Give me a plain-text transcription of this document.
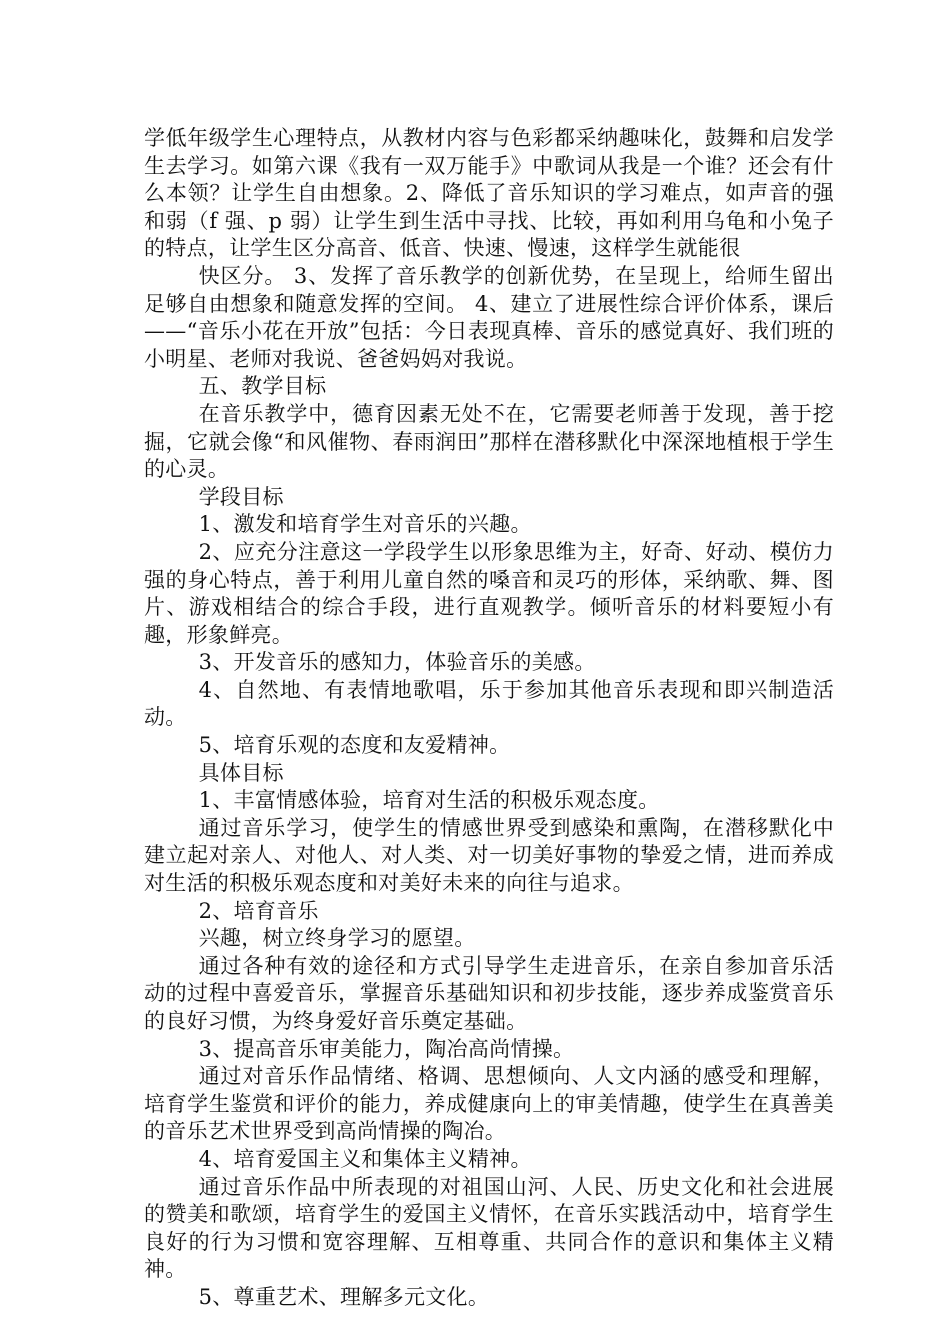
学低年级学生心理特点，从教材内容与色彩都采纳趣味化，鼓舞和启发学生去学习。如第六课《我有一双万能手》中歌词从我是一个谁？还会有什么本领？让学生自由想象。2、降低了音乐知识的学习难点，如声音的强和弱（f 强、p 弱）让学生到生活中寻找、比较，再如利用乌龟和小兔子的特点，让学生区分高音、低音、快速、慢速，这样学生就能很

快区分。 3、发挥了音乐教学的创新优势，在呈现上，给师生留出足够自由想象和随意发挥的空间。 4、建立了进展性综合评价体系，课后——“音乐小花在开放”包括：今日表现真棒、音乐的感觉真好、我们班的小明星、老师对我说、爸爸妈妈对我说。

五、教学目标

在音乐教学中，德育因素无处不在，它需要老师善于发现，善于挖掘，它就会像“和风催物、春雨润田”那样在潜移默化中深深地植根于学生的心灵。

学段目标

1、激发和培育学生对音乐的兴趣。

2、应充分注意这一学段学生以形象思维为主，好奇、好动、模仿力强的身心特点，善于利用儿童自然的嗓音和灵巧的形体，采纳歌、舞、图片、游戏相结合的综合手段，进行直观教学。倾听音乐的材料要短小有趣，形象鲜亮。

3、开发音乐的感知力，体验音乐的美感。

4、自然地、有表情地歌唱，乐于参加其他音乐表现和即兴制造活动。

5、培育乐观的态度和友爱精神。

具体目标

1、丰富情感体验，培育对生活的积极乐观态度。

通过音乐学习，使学生的情感世界受到感染和熏陶，在潜移默化中建立起对亲人、对他人、对人类、对一切美好事物的挚爱之情，进而养成对生活的积极乐观态度和对美好未来的向往与追求。

2、培育音乐

兴趣，树立终身学习的愿望。

通过各种有效的途径和方式引导学生走进音乐，在亲自参加音乐活动的过程中喜爱音乐，掌握音乐基础知识和初步技能，逐步养成鉴赏音乐的良好习惯，为终身爱好音乐奠定基础。

3、提高音乐审美能力，陶冶高尚情操。

通过对音乐作品情绪、格调、思想倾向、人文内涵的感受和理解，培育学生鉴赏和评价的能力，养成健康向上的审美情趣，使学生在真善美的音乐艺术世界受到高尚情操的陶冶。

4、培育爱国主义和集体主义精神。

通过音乐作品中所表现的对祖国山河、人民、历史文化和社会进展的赞美和歌颂，培育学生的爱国主义情怀，在音乐实践活动中，培育学生良好的行为习惯和宽容理解、互相尊重、共同合作的意识和集体主义精神。

5、尊重艺术、理解多元文化。
